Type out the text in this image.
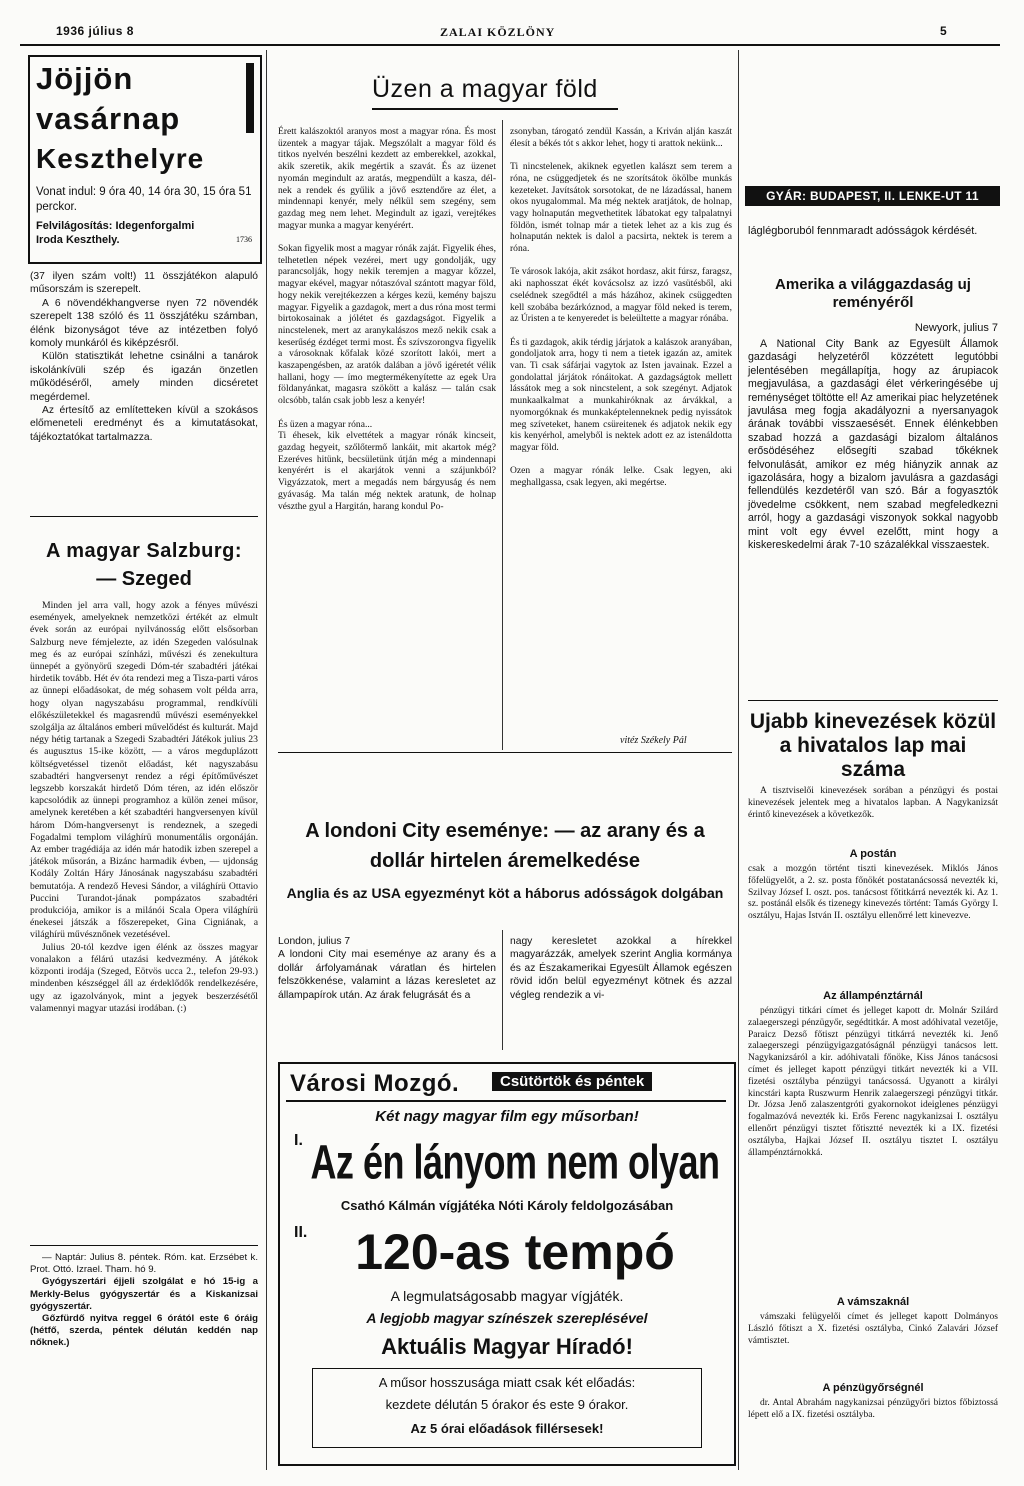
1936 július 8	ZALAI KÖZLÖNY	5
Jöjjön
vasárnap
Keszthelyre
Vonat indul: 9 óra 40, 14 óra 30, 15 óra 51 perckor.
Felvilágosítás: Idegenforgalmi Iroda Keszthely.	1736

(37 ilyen szám volt!) 11 összjátékon alapuló műsorszám is szerepelt.

A 6 növendékhangverse nyen 72 növendék szerepelt 138 szóló és 11 összjátéku számban, élénk bizonyságot téve az intézetben folyó komoly munkáról és kiképzésről.

Külön statisztikát lehetne csinálni a tanárok iskolánkívüli szép és igazán önzetlen működéséről, amely minden dicséretet megérdemel.

Az értesítő az említetteken kívül a szokásos előmeneteli eredményt és a kimutatásokat, tájékoztatókat tartalmazza.

A magyar Salzburg:
— Szeged

Minden jel arra vall, hogy azok a fényes művészi események, amelyeknek nemzetközi értékét az elmult évek során az európai nyilvánosság előtt elsősorban Salzburg neve fémjelezte, az idén Szegeden valósulnak meg és az európai színházi, művészi és zenekultura ünnepét a gyönyörű szegedi Dóm-tér szabadtéri játékai hirdetik tovább. Hét év óta rendezi meg a Tisza-parti város az ünnepi előadásokat, de még sohasem volt példa arra, hogy olyan nagyszabásu programmal, rendkívüli előkészületekkel és magasrendű művészi eseményekkel szolgálja az általános emberi művelődést és kulturát. Majd négy hétig tartanak a Szegedi Szabadtéri Játékok julius 23 és augusztus 15-ike között, — a város megduplázott költségvetéssel tizenöt előadást, két nagyszabásu szabadtéri hangversenyt rendez a régi építőművészet legszebb korszakát hirdető Dóm téren, az idén először kapcsolódik az ünnepi programhoz a külön zenei műsor, amelynek keretében a két szabadtéri hangversenyen kívül három Dóm-hangversenyt is rendeznek, a szegedi Fogadalmi templom világhírü monumentális orgonáján. Az ember tragédiája az idén már hatodik izben szerepel a játékok műsorán, a Bizánc harmadik évben, — ujdonság Kodály Zoltán Háry Jánosának nagyszabásu szabadtéri bemutatója. A rendező Hevesi Sándor, a világhírü Ottavio Puccini Turandot-jának pompázatos szabadtéri produkciója, amikor is a milánói Scala Opera világhírü énekesei játszák a főszerepeket, Gina Cigniának, a világhírü művésznőnek vezetésével.

Julius 20-tól kezdve igen élénk az összes magyar vonalakon a félárú utazási kedvezmény. A játékok központi irodája (Szeged, Eötvös ucca 2., telefon 29-93.) mindenben készséggel áll az érdeklődők rendelkezésére, ugy az igazolványok, mint a jegyek beszerzésétől valamennyi magyar utazási irodában. (:)

— Naptár: Julius 8. péntek. Róm. kat. Erzsébet k. Prot. Ottó. Izrael. Tham. hó 9.

Gyógyszertári éjjeli szolgálat e hó 15-ig a Merkly-Belus gyógyszertár és a Kiskanizsai gyógyszertár.

Gőzfürdő nyitva reggel 6 órától este 6 óráig (hétfő, szerda, péntek délután keddén nap nőknek.)

Üzen a magyar föld
Érett kalászoktól aranyos most a magyar róna. És most üzentek a magyar tájak. Megszólalt a magyar föld és titkos nyelvén beszélni kezdett az emberekkel, azokkal, akik szeretik, akik megértik a szavát. És az üzenet nyomán megindult az aratás, megpendült a kasza, dél-nek a rendek és gyűlik a jövő esztendőre az élet, a mindennapi kenyér, mely nélkül sem szegény, sem gazdag meg nem lehet. Megindult az igazi, verejtékes magyar munka a magyar kenyérért.

Sokan figyelik most a magyar rónák zaját. Figyelik éhes, telhetetlen népek vezérei, mert ugy gondolják, ugy parancsolják, hogy nekik teremjen a magyar kőzzel, magyar ekével, magyar nótaszóval szántott magyar föld, hogy nekik verejtékezzen a kérges kezü, kemény bajszu magyar. Figyelik a gazdagok, mert a dus róna most termi birtokosainak a jólétet és gazdagságot. Figyelik a nincstelenek, mert az aranykalászos mező nekik csak a keserűség ézdéget termi most. És szívszorongva figyelik a városoknak kőfalak közé szorított lakói, mert a kaszapengésben, az aratók dalában a jövő igéretét vélik hallani, hogy — ímo megtermékenyítette az egek Ura földanyánkat, magasra szökött a kalász — talán csak olcsóbb, talán csak jobb lesz a kenyér!

És üzen a magyar róna...
Ti éhesek, kik elvettétek a magyar rónák kincseit, gazdag hegyeit, szőlőtermő lankáit, mit akartok még? Ezeréves hitünk, becsületünk útján még a mindennapi kenyérért is el akarjátok venni a szájunkból? Vigyázzatok, mert a megadás nem bárgyuság és nem gyávaság. Ma talán még nektek aratunk, de holnap vészthe gyul a Hargitán, harang kondul Po-
zsonyban, tárogató zendül Kassán, a Kriván alján kaszát élesít a békés tót s akkor lehet, hogy ti arattok nekünk...

Ti nincstelenek, akiknek egyetlen kalászt sem terem a róna, ne csüggedjetek és ne szorítsátok ökölbe munkás kezeteket. Javítsátok sorsotokat, de ne lázadással, hanem okos nyugalommal. Ma még nektek aratjátok, de holnap, vagy holnapután megvethetitek lábatokat egy talpalatnyi földön, ismét tolnap már a tietek lehet az a kis zug és holnapután nektek is dalol a pacsirta, nektek is terem a róna.

Te városok lakója, akit zsákot hordasz, akit fúrsz, faragsz, aki naphosszat ékét kovácsolsz az izzó vasütésből, aki cselédnek szegődtél a más házához, akinek csüggedten kell szobába bezárkóznod, a magyar föld neked is terem, az Úristen a te kenyeredet is beleültette a magyar rónába.

És ti gazdagok, akik térdig járjatok a kalászok aranyában, gondoljatok arra, hogy ti nem a tietek igazán az, amitek van. Ti csak sáfárjai vagytok az Isten javainak. Ezzel a gondolattal járjátok rónáitokat. A gazdagságtok mellett lássátok meg a sok nincstelent, a sok szegényt. Adjatok munkaalkalmat a munkahiróknak az árvákkal, a nyomorgóknak és munkaképtelenneknek pedig nyissátok meg szíveteket, hanem csüreitenek és adjatok nekik egy kis kenyérhol, amelyből is nektek adott ez az istenáldotta magyar föld.

Ozen a magyar rónák lelke. Csak legyen, aki meghallgassa, csak legyen, aki megértse.
vitéz Székely Pál
A londoni City eseménye: — az arany és a dollár hirtelen áremelkedése
Anglia és az USA egyezményt köt a háborus adósságok dolgában
London, julius 7
A londoni City mai eseménye az arany és a dollár árfolyamának váratlan és hirtelen felszökkenése, valamint a lázas keresletet az állampapírok után. Az árak felugrását és a
nagy keresletet azokkal a hírekkel magyarázzák, amelyek szerint Anglia kormánya és az Északamerikai Egyesült Államok egészen rövid időn belül egyezményt kötnek és azzal végleg rendezik a vi-
Városi Mozgó.	Csütörtök és péntek
Két nagy magyar film egy műsorban!
I. Az én lányom nem olyan
Csathó Kálmán vígjátéka Nóti Károly feldolgozásában
II. 120-as tempó
A legmulatságosabb magyar vígjáték.
A legjobb magyar színészek szereplésével
Aktuális Magyar Híradó!
A műsor hosszusága miatt csak két előadás:
kezdete délután 5 órakor és este 9 órakor.
Az 5 órai előadások fillérsesek!
GYÁR: BUDAPEST, II. LENKE-UT 11
láglégboruból fennmaradt adósságok kérdését.
Amerika a világgazdaság uj reményéről
Newyork, julius 7
A National City Bank az Egyesült Államok gazdasági helyzetéről közzétett legutóbbi jelentésében megállapítja, hogy az árupiacok megjavulása, a gazdasági élet vérkeringésébe uj reménységet töltötte el! Az amerikai piac helyzetének javulása meg fogja akadályozni a nyersanyagok árának további visszaesését. Ennek élénkebben szabad hozzá a gazdasági bizalom általános erősödéséhez elősegíti szabad tőkéknek felvonulását, amikor ez még hiányzik annak az igazolására, hogy a bizalom javulásra a gazdasági fellendülés kezdetéről van szó. Bár a fogyasztók jövedelme csökkent, nem szabad megfeledkezni arról, hogy a gazdasági viszonyok sokkal nagyobb mint volt egy évvel ezelőtt, mint hogy a kiskereskedelmi árak 7-10 százalékkal visszaestek.
Ujabb kinevezések közül a hivatalos lap mai száma
A tisztviselői kinevezések sorában a pénzügyi és postai kinevezések jelentek meg a hivatalos lapban. A Nagykanizsát érintő kinevezések a következők.
A postán
csak a mozgón történt tiszti kinevezések. Miklós János főfelügyelőt, a 2. sz. posta főnökét postatanácsossá nevezték ki, Szilvay József I. oszt. pos. tanácsost főtitkárrá nevezték ki. Az 1. sz. postánál elsők és tizenegy kinevezés történt: Tamás György I. osztályu, Hajas István II. osztályu ellenőrré lett kinevezve.
Az állampénztárnál
pénzügyi titkári címet és jelleget kapott dr. Molnár Szilárd zalaegerszegi pénzügyőr, segédtitkár. A most adóhivatal vezetője, Paraicz Dezső főtiszt pénzügyi titkárrá nevezték ki. Jenő zalaegerszegi pénzügyigazgatóságnál pénzügyi tanácsos lett. Nagykanizsáról a kir. adóhivatali főnöke, Kiss János tanácsosi címet és jelleget kapott pénzügyi titkárt nevezték ki a VII. fizetési osztályba pénzügyi tanácsossá. Ugyanott a királyi kincstári kapta Ruszwurm Henrik zalaegerszegi pénzügyi titkár. Dr. Józsa Jenő zalaszentgróti gyakornokot ideiglenes pénzügyi fogalmazóvá nevezték ki. Erős Ferenc nagykanizsai I. osztályu ellenőrt pénzügyi tisztet főtisztté nevezték ki a IX. fizetési osztályba, Hajkai József II. osztályu tisztet I. osztályu állampénztárnokká.
A vámszaknál
vámszaki felügyelői címet és jelleget kapott Dolmányos László főtiszt a X. fizetési osztályba, Cinkó Zalavári József vámtisztet.
A pénzügyőrségnél
dr. Antal Abrahám nagykanizsai pénzügyőri biztos főbiztossá lépett elő a IX. fizetési osztályba.
